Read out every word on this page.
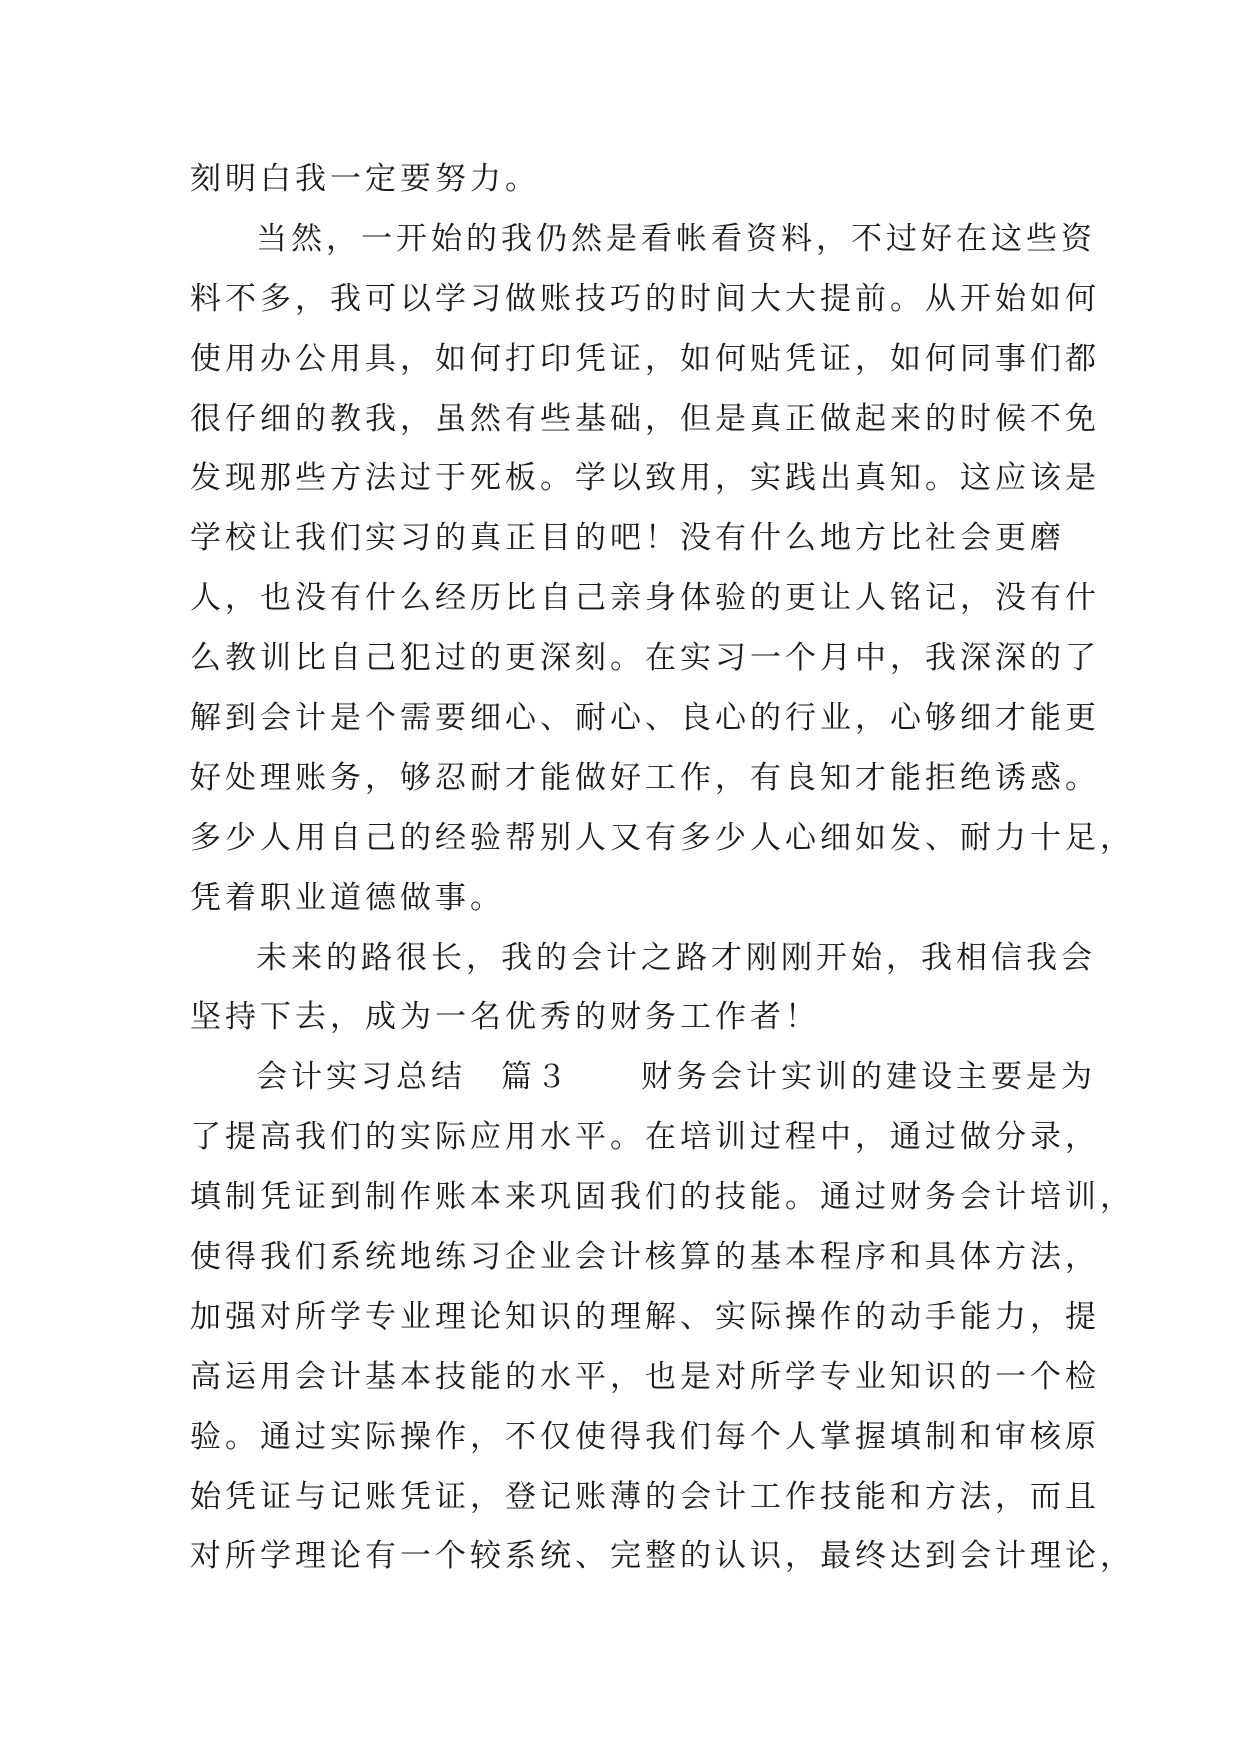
刻明白我一定要努力。
当然，一开始的我仍然是看帐看资料，不过好在这些资
料不多，我可以学习做账技巧的时间大大提前。从开始如何
使用办公用具，如何打印凭证，如何贴凭证，如何同事们都
很仔细的教我，虽然有些基础，但是真正做起来的时候不免
发现那些方法过于死板。学以致用，实践出真知。这应该是
学校让我们实习的真正目的吧！没有什么地方比社会更磨
人，也没有什么经历比自己亲身体验的更让人铭记，没有什
么教训比自己犯过的更深刻。在实习一个月中，我深深的了
解到会计是个需要细心、耐心、良心的行业，心够细才能更
好处理账务，够忍耐才能做好工作，有良知才能拒绝诱惑。
多少人用自己的经验帮别人又有多少人心细如发、耐力十足，
凭着职业道德做事。
未来的路很长，我的会计之路才刚刚开始，我相信我会
坚持下去，成为一名优秀的财务工作者！
会计实习总结　篇３　　财务会计实训的建设主要是为
了提高我们的实际应用水平。在培训过程中，通过做分录，
填制凭证到制作账本来巩固我们的技能。通过财务会计培训，
使得我们系统地练习企业会计核算的基本程序和具体方法，
加强对所学专业理论知识的理解、实际操作的动手能力，提
高运用会计基本技能的水平，也是对所学专业知识的一个检
验。通过实际操作，不仅使得我们每个人掌握填制和审核原
始凭证与记账凭证，登记账薄的会计工作技能和方法，而且
对所学理论有一个较系统、完整的认识，最终达到会计理论，
